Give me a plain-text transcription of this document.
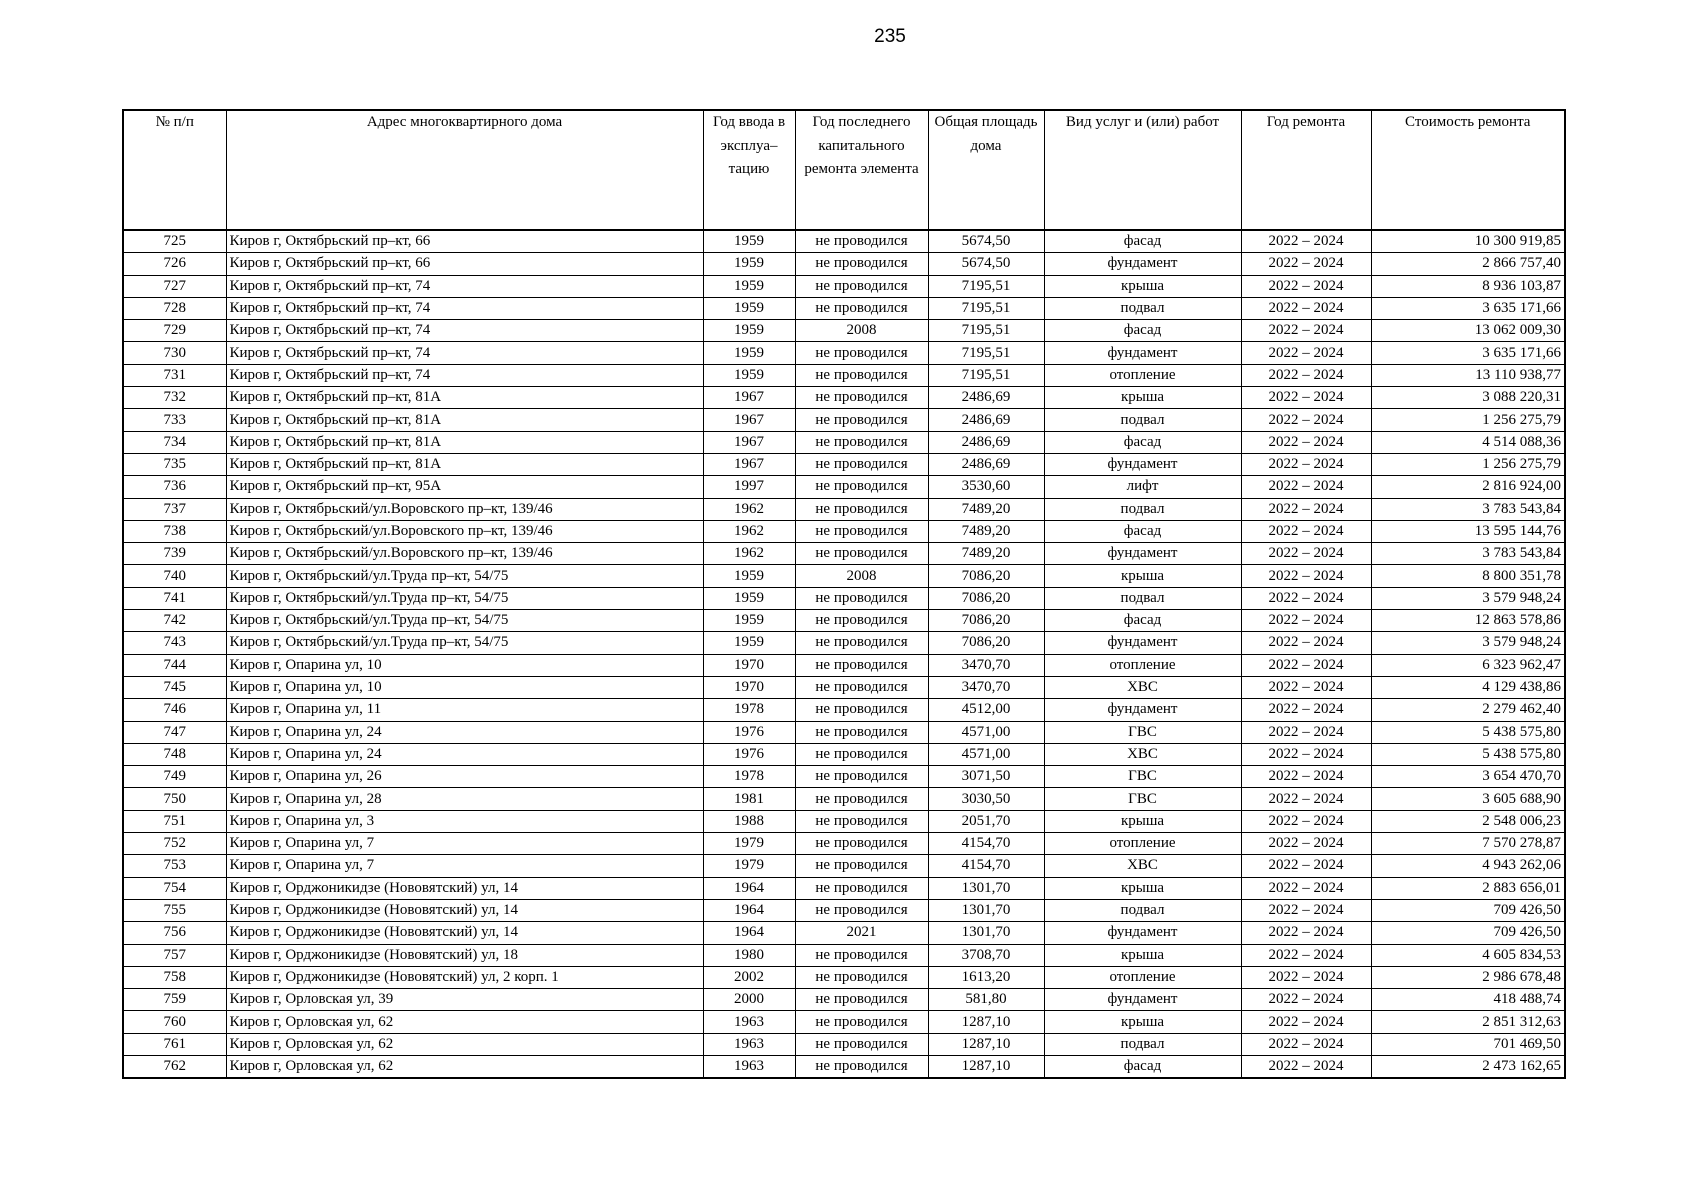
235
№ п/п	Адрес многоквартирного дома	Год ввода в эксплуа– тацию	Год последнего капитального ремонта элемента	Общая площадь дома	Вид услуг и (или) работ	Год ремонта	Стоимость ремонта
725	Киров г, Октябрьский пр–кт, 66	1959	не проводился	5674,50	фасад	2022 – 2024	10 300 919,85
726	Киров г, Октябрьский пр–кт, 66	1959	не проводился	5674,50	фундамент	2022 – 2024	2 866 757,40
727	Киров г, Октябрьский пр–кт, 74	1959	не проводился	7195,51	крыша	2022 – 2024	8 936 103,87
728	Киров г, Октябрьский пр–кт, 74	1959	не проводился	7195,51	подвал	2022 – 2024	3 635 171,66
729	Киров г, Октябрьский пр–кт, 74	1959	2008	7195,51	фасад	2022 – 2024	13 062 009,30
730	Киров г, Октябрьский пр–кт, 74	1959	не проводился	7195,51	фундамент	2022 – 2024	3 635 171,66
731	Киров г, Октябрьский пр–кт, 74	1959	не проводился	7195,51	отопление	2022 – 2024	13 110 938,77
732	Киров г, Октябрьский пр–кт, 81А	1967	не проводился	2486,69	крыша	2022 – 2024	3 088 220,31
733	Киров г, Октябрьский пр–кт, 81А	1967	не проводился	2486,69	подвал	2022 – 2024	1 256 275,79
734	Киров г, Октябрьский пр–кт, 81А	1967	не проводился	2486,69	фасад	2022 – 2024	4 514 088,36
735	Киров г, Октябрьский пр–кт, 81А	1967	не проводился	2486,69	фундамент	2022 – 2024	1 256 275,79
736	Киров г, Октябрьский пр–кт, 95А	1997	не проводился	3530,60	лифт	2022 – 2024	2 816 924,00
737	Киров г, Октябрьский/ул.Воровского пр–кт, 139/46	1962	не проводился	7489,20	подвал	2022 – 2024	3 783 543,84
738	Киров г, Октябрьский/ул.Воровского пр–кт, 139/46	1962	не проводился	7489,20	фасад	2022 – 2024	13 595 144,76
739	Киров г, Октябрьский/ул.Воровского пр–кт, 139/46	1962	не проводился	7489,20	фундамент	2022 – 2024	3 783 543,84
740	Киров г, Октябрьский/ул.Труда пр–кт, 54/75	1959	2008	7086,20	крыша	2022 – 2024	8 800 351,78
741	Киров г, Октябрьский/ул.Труда пр–кт, 54/75	1959	не проводился	7086,20	подвал	2022 – 2024	3 579 948,24
742	Киров г, Октябрьский/ул.Труда пр–кт, 54/75	1959	не проводился	7086,20	фасад	2022 – 2024	12 863 578,86
743	Киров г, Октябрьский/ул.Труда пр–кт, 54/75	1959	не проводился	7086,20	фундамент	2022 – 2024	3 579 948,24
744	Киров г, Опарина ул, 10	1970	не проводился	3470,70	отопление	2022 – 2024	6 323 962,47
745	Киров г, Опарина ул, 10	1970	не проводился	3470,70	ХВС	2022 – 2024	4 129 438,86
746	Киров г, Опарина ул, 11	1978	не проводился	4512,00	фундамент	2022 – 2024	2 279 462,40
747	Киров г, Опарина ул, 24	1976	не проводился	4571,00	ГВС	2022 – 2024	5 438 575,80
748	Киров г, Опарина ул, 24	1976	не проводился	4571,00	ХВС	2022 – 2024	5 438 575,80
749	Киров г, Опарина ул, 26	1978	не проводился	3071,50	ГВС	2022 – 2024	3 654 470,70
750	Киров г, Опарина ул, 28	1981	не проводился	3030,50	ГВС	2022 – 2024	3 605 688,90
751	Киров г, Опарина ул, 3	1988	не проводился	2051,70	крыша	2022 – 2024	2 548 006,23
752	Киров г, Опарина ул, 7	1979	не проводился	4154,70	отопление	2022 – 2024	7 570 278,87
753	Киров г, Опарина ул, 7	1979	не проводился	4154,70	ХВС	2022 – 2024	4 943 262,06
754	Киров г, Орджоникидзе (Нововятский) ул, 14	1964	не проводился	1301,70	крыша	2022 – 2024	2 883 656,01
755	Киров г, Орджоникидзе (Нововятский) ул, 14	1964	не проводился	1301,70	подвал	2022 – 2024	709 426,50
756	Киров г, Орджоникидзе (Нововятский) ул, 14	1964	2021	1301,70	фундамент	2022 – 2024	709 426,50
757	Киров г, Орджоникидзе (Нововятский) ул, 18	1980	не проводился	3708,70	крыша	2022 – 2024	4 605 834,53
758	Киров г, Орджоникидзе (Нововятский) ул, 2 корп. 1	2002	не проводился	1613,20	отопление	2022 – 2024	2 986 678,48
759	Киров г, Орловская ул, 39	2000	не проводился	581,80	фундамент	2022 – 2024	418 488,74
760	Киров г, Орловская ул, 62	1963	не проводился	1287,10	крыша	2022 – 2024	2 851 312,63
761	Киров г, Орловская ул, 62	1963	не проводился	1287,10	подвал	2022 – 2024	701 469,50
762	Киров г, Орловская ул, 62	1963	не проводился	1287,10	фасад	2022 – 2024	2 473 162,65
